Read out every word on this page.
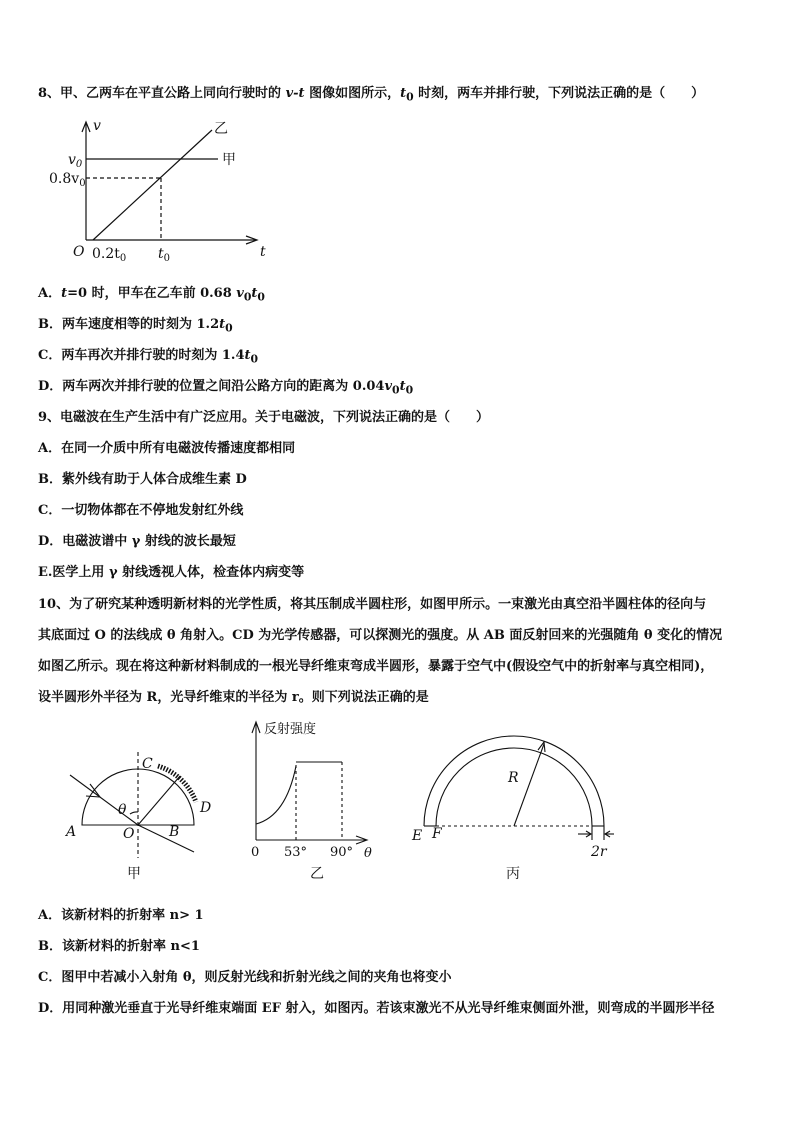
8、甲、乙两车在平直公路上同向行驶时的 v-t 图像如图所示，$t_0$ 时刻，两车并排行驶，下列说法正确的是（　　）
v
t
$v_0$
$0.8v_0$
O $0.2t_0$ $t_0$
甲
乙
A．t=0 时，甲车在乙车前 0.68 $v_0t_0$
B．两车速度相等的时刻为 $1.2t_0$
C．两车再次并排行驶的时刻为 $1.4t_0$
D．两车两次并排行驶的位置之间沿公路方向的距离为 $0.04v_0t_0$
9、电磁波在生产生活中有广泛应用。关于电磁波，下列说法正确的是（　　）
A．在同一介质中所有电磁波传播速度都相同
B．紫外线有助于人体合成维生素 D
C．一切物体都在不停地发射红外线
D．电磁波谱中 γ 射线的波长最短
E.医学上用 γ 射线透视人体，检查体内病变等
10、为了研究某种透明新材料的光学性质，将其压制成半圆柱形，如图甲所示。一束激光由真空沿半圆柱体的径向与
其底面过 O 的法线成 θ 角射入。CD 为光学传感器，可以探测光的强度。从 AB 面反射回来的光强随角 θ 变化的情况
如图乙所示。现在将这种新材料制成的一根光导纤维束弯成半圆形，暴露于空气中(假设空气中的折射率与真空相同)，
设半圆形外半径为 R，光导纤维束的半径为 r。则下列说法正确的是
A	O B
C
D
θ
甲
反射强度
0 53° 90° θ
乙
R
E F
2r
丙
A．该新材料的折射率 n> 1
B．该新材料的折射率 n<1
C．图甲中若减小入射角 θ，则反射光线和折射光线之间的夹角也将变小
D．用同种激光垂直于光导纤维束端面 EF 射入，如图丙。若该束激光不从光导纤维束侧面外泄，则弯成的半圆形半径
